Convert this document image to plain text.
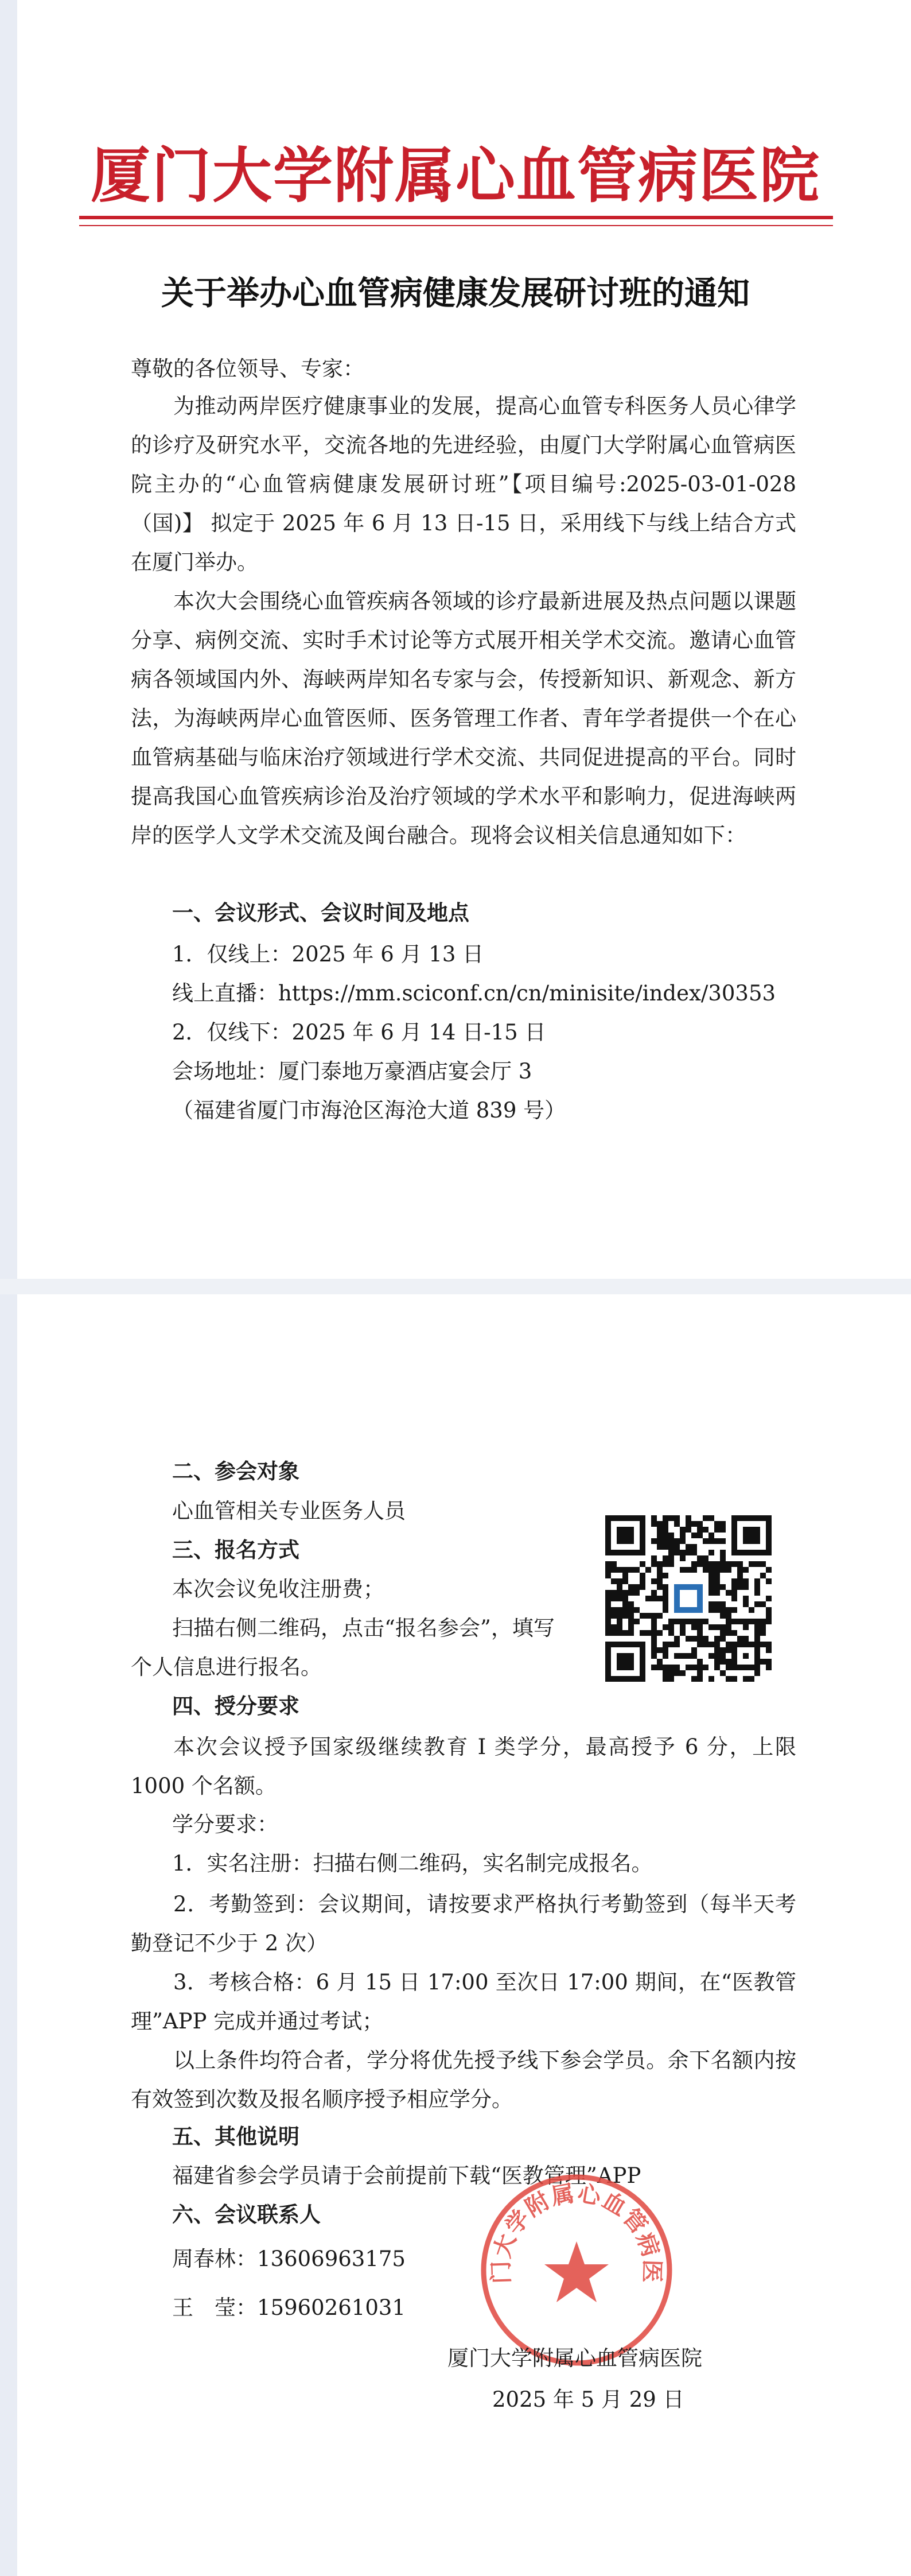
厦门大学附属心血管病医院
关于举办心血管病健康发展研讨班的通知
尊敬的各位领导、专家：

为推动两岸医疗健康事业的发展，提高心血管专科医务人员心律学的诊疗及研究水平，交流各地的先进经验，由厦门大学附属心血管病医院主办的“心血管病健康发展研讨班”【项目编号:2025-03-01-028（国)】 拟定于 2025 年 6 月 13 日-15 日，采用线下与线上结合方式在厦门举办。

本次大会围绕心血管疾病各领域的诊疗最新进展及热点问题以课题分享、病例交流、实时手术讨论等方式展开相关学术交流。邀请心血管病各领域国内外、海峡两岸知名专家与会，传授新知识、新观念、新方法，为海峡两岸心血管医师、医务管理工作者、青年学者提供一个在心血管病基础与临床治疗领域进行学术交流、共同促进提高的平台。同时提高我国心血管疾病诊治及治疗领域的学术水平和影响力，促进海峡两岸的医学人文学术交流及闽台融合。现将会议相关信息通知如下：

一、会议形式、会议时间及地点
1．仅线上：2025 年 6 月 13 日
线上直播：https://mm.sciconf.cn/cn/minisite/index/30353
2．仅线下：2025 年 6 月 14 日-15 日
会场地址：厦门泰地万豪酒店宴会厅 3
（福建省厦门市海沧区海沧大道 839 号）
二、参会对象
心血管相关专业医务人员
三、报名方式
本次会议免收注册费；
扫描右侧二维码，点击“报名参会”，填写
个人信息进行报名。
四、授分要求

本次会议授予国家级继续教育 I 类学分，最高授予 6 分，上限 1000 个名额。

学分要求：
1．实名注册：扫描右侧二维码，实名制完成报名。

2．考勤签到：会议期间，请按要求严格执行考勤签到（每半天考勤登记不少于 2 次）

3．考核合格：6 月 15 日 17:00 至次日 17:00 期间，在“医教管理”APP 完成并通过考试；

以上条件均符合者，学分将优先授予线下参会学员。余下名额内按有效签到次数及报名顺序授予相应学分。

五、其他说明
福建省参会学员请于会前提前下载“医教管理”APP
六、会议联系人
周春林：13606963175
王　莹：15960261031
门大学附属心血管病医
厦门大学附属心血管病医院
2025 年 5 月 29 日
